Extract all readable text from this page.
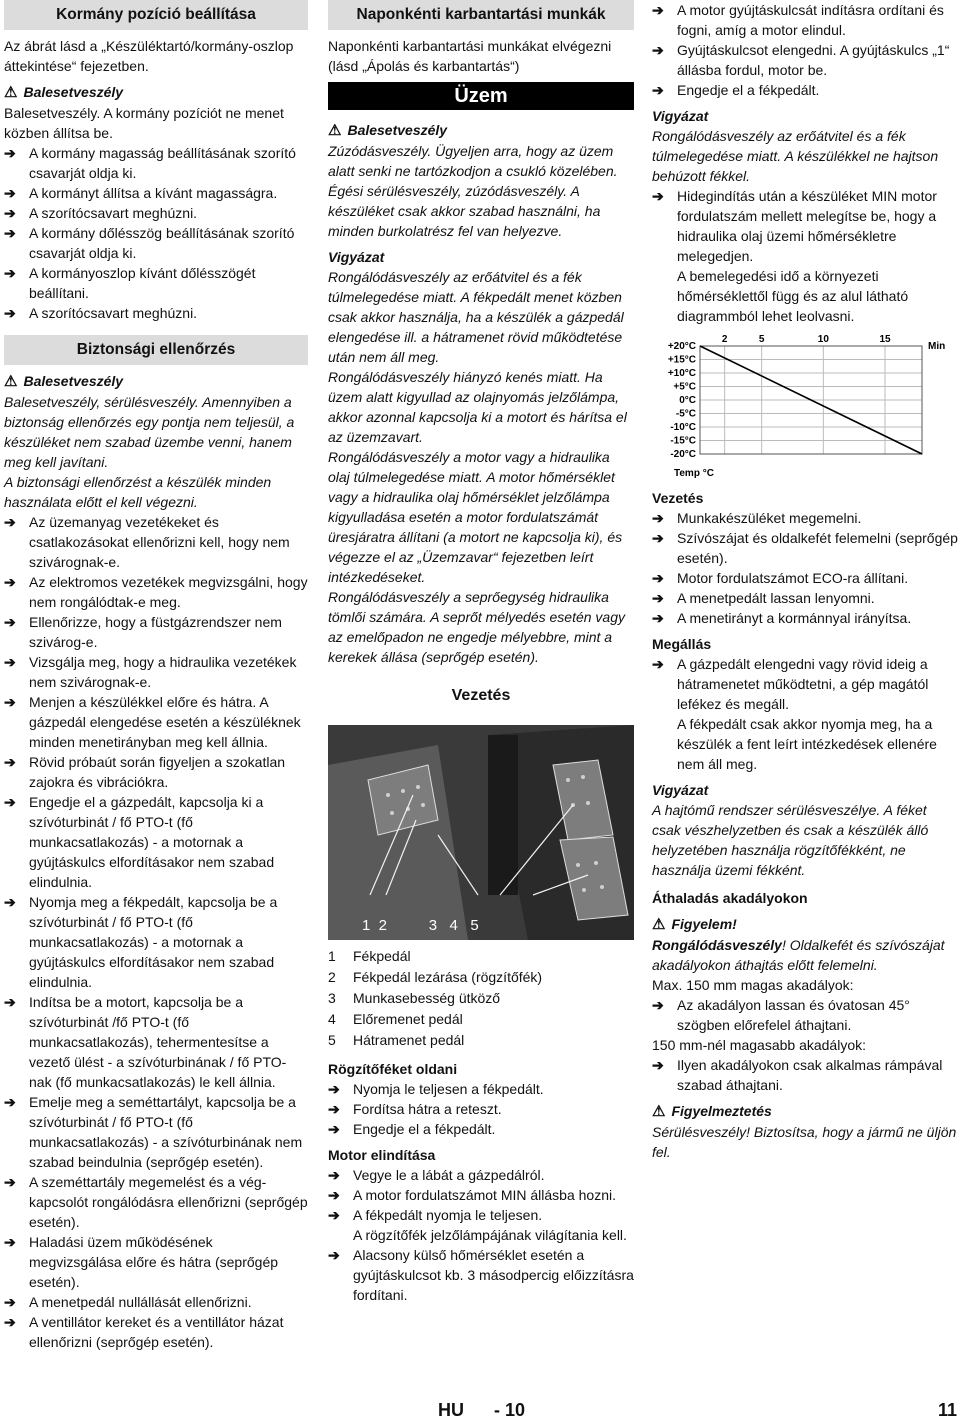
Kormány pozíció beállítása

Az ábrát lásd a „Készüléktartó/kormány-oszlop áttekintése“ fejezetben.

⚠ Balesetveszély

Balesetveszély. A kormány pozíciót ne menet közben állítsa be.

➔ A kormány magasság beállításának szorító csavarját oldja ki.
➔ A kormányt állítsa a kívánt magasságra.
➔ A szorítócsavart meghúzni.
➔ A kormány dőlésszög beállításának szorító csavarját oldja ki.
➔ A kormányoszlop kívánt dőlésszögét beállítani.
➔ A szorítócsavart meghúzni.
Biztonsági ellenőrzés
⚠ Balesetveszély

Balesetveszély, sérülésveszély. Amennyiben a biztonság ellenőrzés egy pontja nem teljesül, a készüléket nem szabad üzembe venni, hanem meg kell javítani.

A biztonsági ellenőrzést a készülék minden használata előtt el kell végezni.

➔ Az üzemanyag vezetékeket és csatlakozásokat ellenőrizni kell, hogy nem szivárognak-e.
➔ Az elektromos vezetékek megvizsgálni, hogy nem rongálódtak-e meg.
➔ Ellenőrizze, hogy a füstgázrendszer nem szivárog-e.
➔ Vizsgálja meg, hogy a hidraulika vezetékek nem szivárognak-e.
➔ Menjen a készülékkel előre és hátra. A gázpedál elengedése esetén a készüléknek minden menetirányban meg kell állnia.
➔ Rövid próbaút során figyeljen a szokatlan zajokra és vibrációkra.
➔ Engedje el a gázpedált, kapcsolja ki a szívóturbinát / fő PTO-t (fő munkacsatlakozás) - a motornak a gyújtáskulcs elfordításakor nem szabad elindulnia.
➔ Nyomja meg a fékpedált, kapcsolja be a szívóturbinát / fő PTO-t (fő munkacsatlakozás) - a motornak a gyújtáskulcs elfordításakor nem szabad elindulnia.
➔ Indítsa be a motort, kapcsolja be a szívóturbinát /fő PTO-t (fő munkacsatlakozás), tehermentesítse a vezető ülést - a szívóturbinának / fő PTO-nak (fő munkacsatlakozás) le kell állnia.
➔ Emelje meg a seméttartályt, kapcsolja be a szívóturbinát / fő PTO-t (fő munkacsatlakozás) - a szívóturbinának nem szabad beindulnia (seprőgép esetén).
➔ A szeméttartály megemelést és a vég-kapcsolót rongálódásra ellenőrizni (seprőgép esetén).
➔ Haladási üzem működésének megvizsgálása előre és hátra (seprőgép esetén).
➔ A menetpedál nullállását ellenőrizni.
➔ A ventillátor kereket és a ventillátor házat ellenőrizni (seprőgép esetén).
Naponkénti karbantartási munkák

Naponkénti karbantartási munkákat elvégezni (lásd „Ápolás és karbantartás“)

Üzem
⚠ Balesetveszély

Zúzódásveszély. Ügyeljen arra, hogy az üzem alatt senki ne tartózkodjon a csukló közelében.

Égési sérülésveszély, zúzódásveszély. A készüléket csak akkor szabad használni, ha minden burkolatrész fel van helyezve.

Vigyázat

Rongálódásveszély az erőátvitel és a fék túlmelegedése miatt. A fékpedált menet közben csak akkor használja, ha a készülék a gázpedál elengedése ill. a hátramenet rövid működtetése után nem áll meg.

Rongálódásveszély hiányzó kenés miatt. Ha üzem alatt kigyullad az olajnyomás jelzőlámpa, akkor azonnal kapcsolja ki a motort és hárítsa el az üzemzavart.

Rongálódásveszély a motor vagy a hidraulika olaj túlmelegedése miatt. A motor hőmérséklet vagy a hidraulika olaj hőmérséklet jelzőlámpa kigyulladása esetén a motor fordulatszámát üresjáratra állítani (a motort ne kapcsolja ki), és végezze el az „Üzemzavar“ fejezetben leírt intézkedéseket.

Rongálódásveszély a seprőegység hidraulika tömlői számára. A seprőt mélyedés esetén vagy az emelőpadon ne engedje mélyebbre, mint a kerekek állása (seprőgép esetén).

Vezetés
1  2          3   4   5
1 Fékpedál
2 Fékpedál lezárása (rögzítőfék)
3 Munkasebesség ütköző
4 Előremenet pedál
5 Hátramenet pedál
Rögzítőféket oldani
➔ Nyomja le teljesen a fékpedált.
➔ Fordítsa hátra a reteszt.
➔ Engedje el a fékpedált.
Motor elindítása
➔ Vegye le a lábát a gázpedálról.
➔ A motor fordulatszámot MIN állásba hozni.
➔ A fékpedált nyomja le teljesen.
A rögzítőfék jelzőlámpájának világítania kell.
➔ Alacsony külső hőmérséklet esetén a gyújtáskulcsot kb. 3 másodpercig előizzításra fordítani.
➔ A motor gyújtáskulcsát indításra ordítani és fogni, amíg a motor elindul.
➔ Gyújtáskulcsot elengedni. A gyújtáskulcs „1“ állásba fordul, motor be.
➔ Engedje el a fékpedált.
Vigyázat

Rongálódásveszély az erőátvitel és a fék túlmelegedése miatt. A készülékkel ne hajtson behúzott fékkel.

➔ Hidegindítás után a készüléket MIN motor fordulatszám mellett melegítse be, hogy a hidraulika olaj üzemi hőmérsékletre melegedjen.
A bemelegedési idő a környezeti hőmérséklettől függ és az alul látható diagrammból lehet leolvasni.
+20°C
+15°C
+10°C
+5°C
0°C
-5°C
-10°C
-15°C
-20°C
2	5	10	15
Min
Temp °C
Vezetés
➔ Munkakészüléket megemelni.
➔ Szívószájat és oldalkefét felemelni (seprőgép esetén).
➔ Motor fordulatszámot ECO-ra állítani.
➔ A menetpedált lassan lenyomni.
➔ A menetirányt a kormánnyal irányítsa.
Megállás
➔ A gázpedált elengedni vagy rövid ideig a hátramenetet működtetni, a gép magától lefékez és megáll.
A fékpedált csak akkor nyomja meg, ha a készülék a fent leírt intézkedések ellenére nem áll meg.
Vigyázat

A hajtómű rendszer sérülésveszélye. A féket csak vészhelyzetben és csak a készülék álló helyzetében használja rögzítőfékként, ne használja üzemi fékként.

Áthaladás akadályokon
⚠ Figyelem!

Rongálódásveszély! Oldalkefét és szívószájat akadályokon áthajtás előtt felemelni.

Max. 150 mm magas akadályok:

➔ Az akadályon lassan és óvatosan 45° szögben előrefelel áthajtani.

150 mm-nél magasabb akadályok:

➔ Ilyen akadályokon csak alkalmas rámpával szabad áthajtani.
⚠ Figyelmeztetés

Sérülésveszély! Biztosítsa, hogy a jármű ne üljön fel.

HU - 10	11
